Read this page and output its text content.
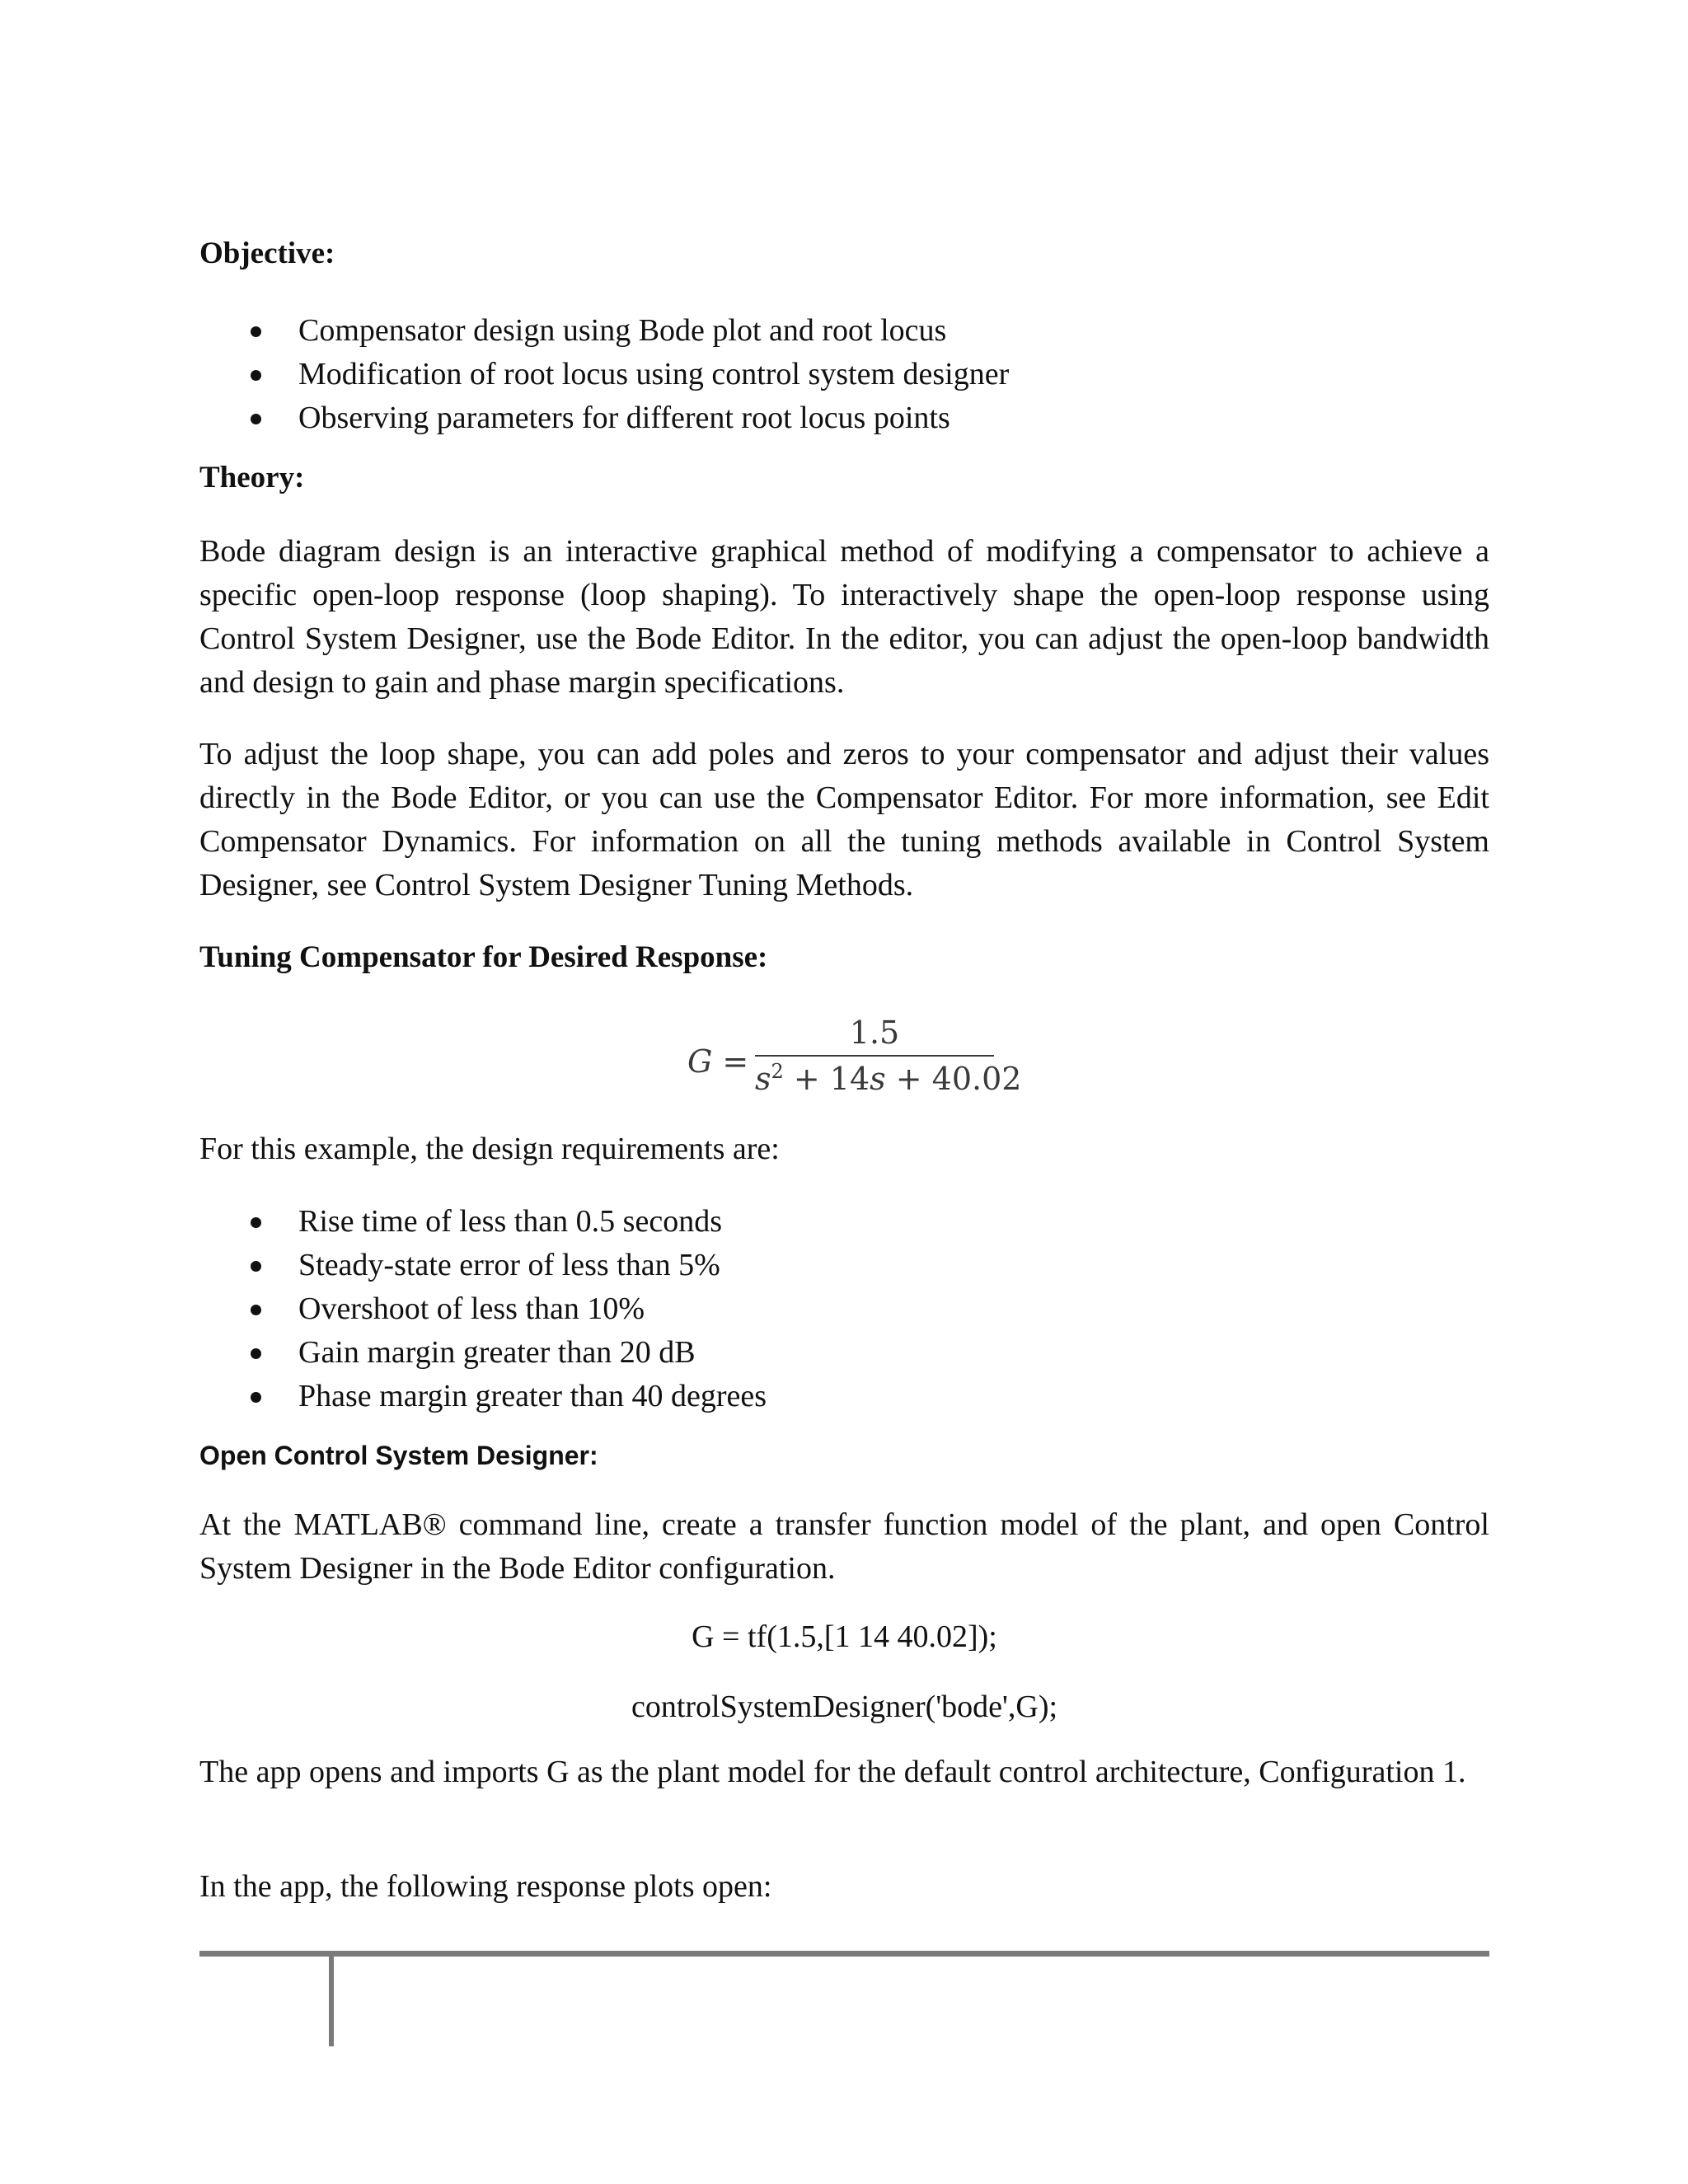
Objective:
Compensator design using Bode plot and root locus
Modification of root locus using control system designer
Observing parameters for different root locus points
Theory:

Bode diagram design is an interactive graphical method of modifying a compensator to achieve a specific open-loop response (loop shaping). To interactively shape the open-loop response using Control System Designer, use the Bode Editor. In the editor, you can adjust the open-loop bandwidth and design to gain and phase margin specifications.

To adjust the loop shape, you can add poles and zeros to your compensator and adjust their values directly in the Bode Editor, or you can use the Compensator Editor. For more information, see Edit Compensator Dynamics. For information on all the tuning methods available in Control System Designer, see Control System Designer Tuning Methods.

Tuning Compensator for Desired Response:

For this example, the design requirements are:

Rise time of less than 0.5 seconds
Steady-state error of less than 5%
Overshoot of less than 10%
Gain margin greater than 20 dB
Phase margin greater than 40 degrees
Open Control System Designer:

At the MATLAB® command line, create a transfer function model of the plant, and open Control System Designer in the Bode Editor configuration.

G = tf(1.5,[1 14 40.02]);
controlSystemDesigner('bode',G);

The app opens and imports G as the plant model for the default control architecture, Configuration 1.

In the app, the following response plots open:

G =
1.5
$s^2 + 14s + 40.02$
